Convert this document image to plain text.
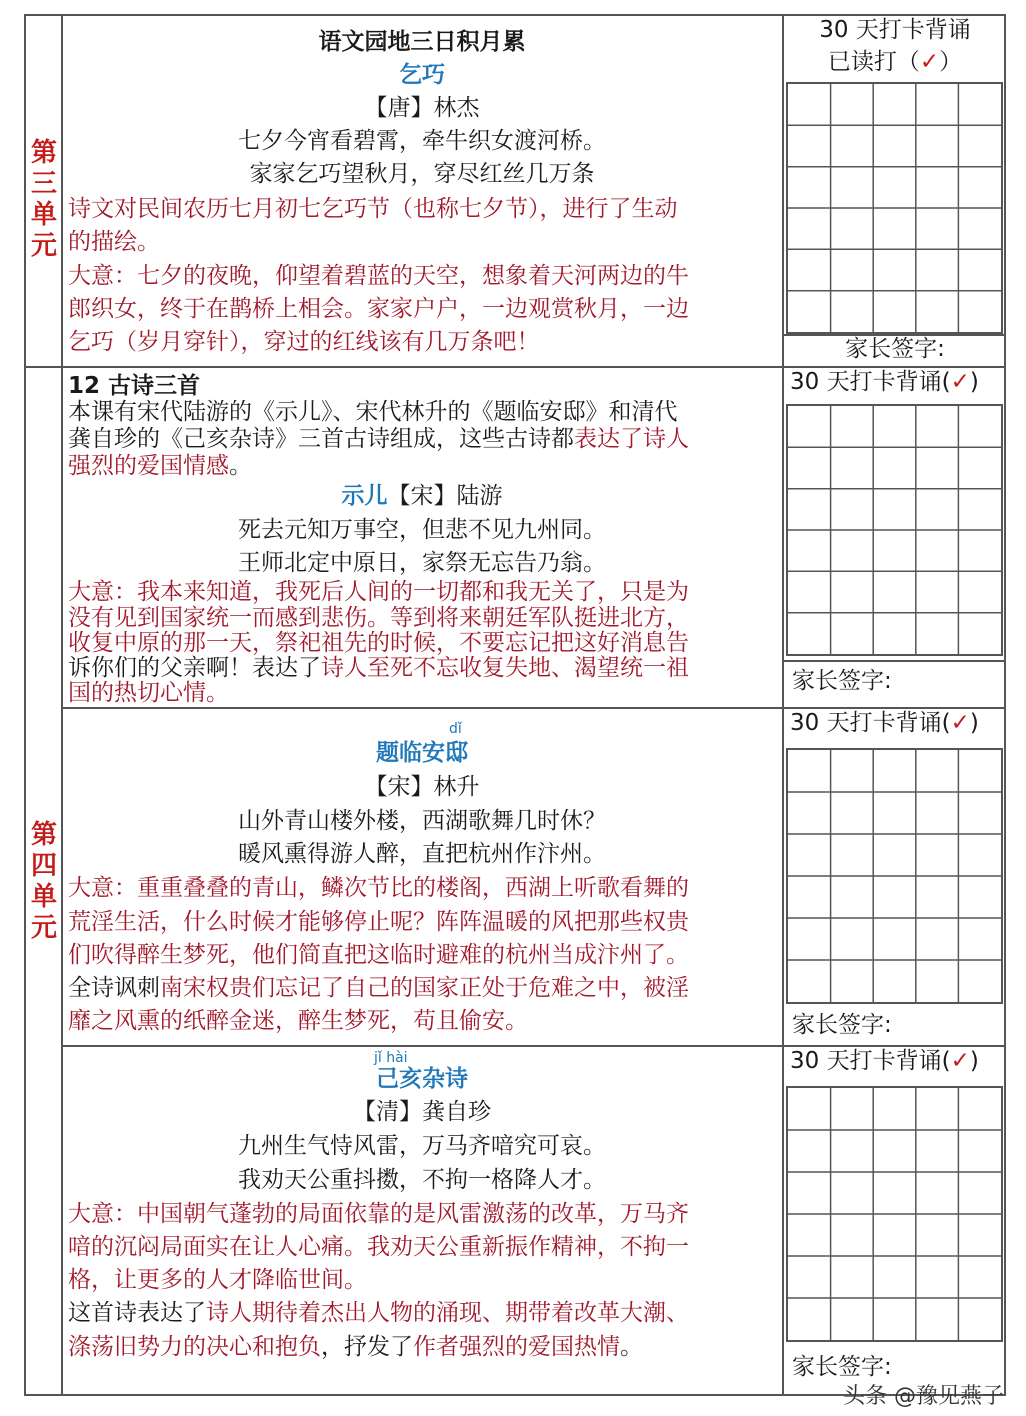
第
三
单
元
语文园地三日积月累
乞巧
【唐】林杰
七夕今宵看碧霄，牵牛织女渡河桥。
家家乞巧望秋月，穿尽红丝几万条
诗文对民间农历七月初七乞巧节（也称七夕节），进行了生动
的描绘。
大意：七夕的夜晚，仰望着碧蓝的天空，想象着天河两边的牛
郎织女，终于在鹊桥上相会。家家户户，一边观赏秋月，一边
乞巧（岁月穿针），穿过的红线该有几万条吧！
30 天打卡背诵
已读打（✓）
家长签字:
第
四
单
元
12 古诗三首
本课有宋代陆游的《示儿》、宋代林升的《题临安邸》和清代
龚自珍的《己亥杂诗》三首古诗组成，这些古诗都表达了诗人
强烈的爱国情感。
示儿【宋】陆游
死去元知万事空，但悲不见九州同。
王师北定中原日，家祭无忘告乃翁。
大意：我本来知道，我死后人间的一切都和我无关了，只是为
没有见到国家统一而感到悲伤。等到将来朝廷军队挺进北方，
收复中原的那一天，祭祀祖先的时候，不要忘记把这好消息告
诉你们的父亲啊！表达了诗人至死不忘收复失地、渴望统一祖
国的热切心情。
dǐ
题临安邸
【宋】林升
山外青山楼外楼，西湖歌舞几时休？
暖风熏得游人醉，直把杭州作汴州。
大意：重重叠叠的青山，鳞次节比的楼阁，西湖上听歌看舞的
荒淫生活，什么时候才能够停止呢？阵阵温暖的风把那些权贵
们吹得醉生梦死，他们简直把这临时避难的杭州当成汴州了。
全诗讽刺南宋权贵们忘记了自己的国家正处于危难之中，被淫
靡之风熏的纸醉金迷，醉生梦死，苟且偷安。
jǐ hài
己亥杂诗
【清】龚自珍
九州生气恃风雷，万马齐喑究可哀。
我劝天公重抖擞，不拘一格降人才。
大意：中国朝气蓬勃的局面依靠的是风雷激荡的改革，万马齐
喑的沉闷局面实在让人心痛。我劝天公重新振作精神，不拘一
格，让更多的人才降临世间。
这首诗表达了诗人期待着杰出人物的涌现、期带着改革大潮、
涤荡旧势力的决心和抱负，抒发了作者强烈的爱国热情。
30 天打卡背诵(✓)
家长签字:
30 天打卡背诵(✓)
家长签字:
30 天打卡背诵(✓)
家长签字:
头条 @豫见燕子
